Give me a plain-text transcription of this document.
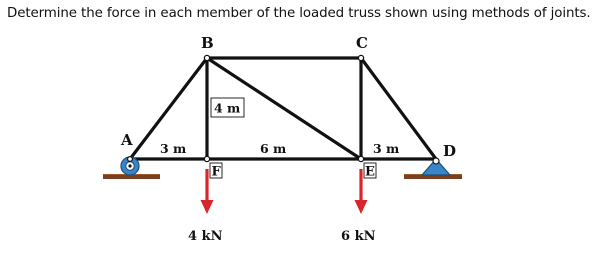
Determine the force in each member of the loaded truss shown using methods of joints.
B	C
A
D
F	E
4 m
3 m	6 m	3 m
4 kN	6 kN
